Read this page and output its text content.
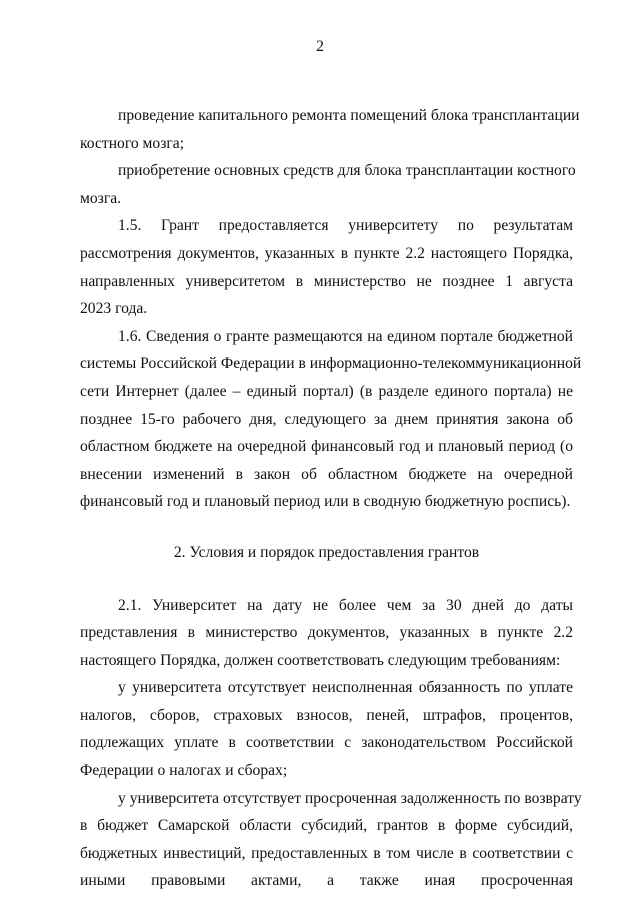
2
проведение капитального ремонта помещений блока трансплантации
костного мозга;
приобретение основных средств для блока трансплантации костного
мозга.
1.5.     Грант     предоставляется     университету     по     результатам
рассмотрения документов, указанных в пункте 2.2 настоящего Порядка,
направленных университетом в министерство не позднее 1 августа
2023 года.
1.6. Сведения о гранте размещаются на едином портале бюджетной
системы Российской Федерации в информационно-телекоммуникационной
сети Интернет (далее – единый портал) (в разделе единого портала) не
позднее 15-го рабочего дня, следующего за днем принятия закона об
областном бюджете на очередной финансовый год и плановый период (о
внесении изменений в закон об областном бюджете на очередной
финансовый год и плановый период или в сводную бюджетную роспись).
2. Условия и порядок предоставления грантов
2.1. Университет на дату не более чем за 30 дней до даты
представления в министерство документов, указанных в пункте 2.2
настоящего Порядка, должен соответствовать следующим требованиям:
у университета отсутствует неисполненная обязанность по уплате
налогов, сборов, страховых взносов, пеней, штрафов, процентов,
подлежащих уплате в соответствии с законодательством Российской
Федерации о налогах и сборах;
у университета отсутствует просроченная задолженность по возврату
в бюджет Самарской области субсидий, грантов в форме субсидий,
бюджетных инвестиций, предоставленных в том числе в соответствии с
иными правовыми актами, а также иная просроченная
